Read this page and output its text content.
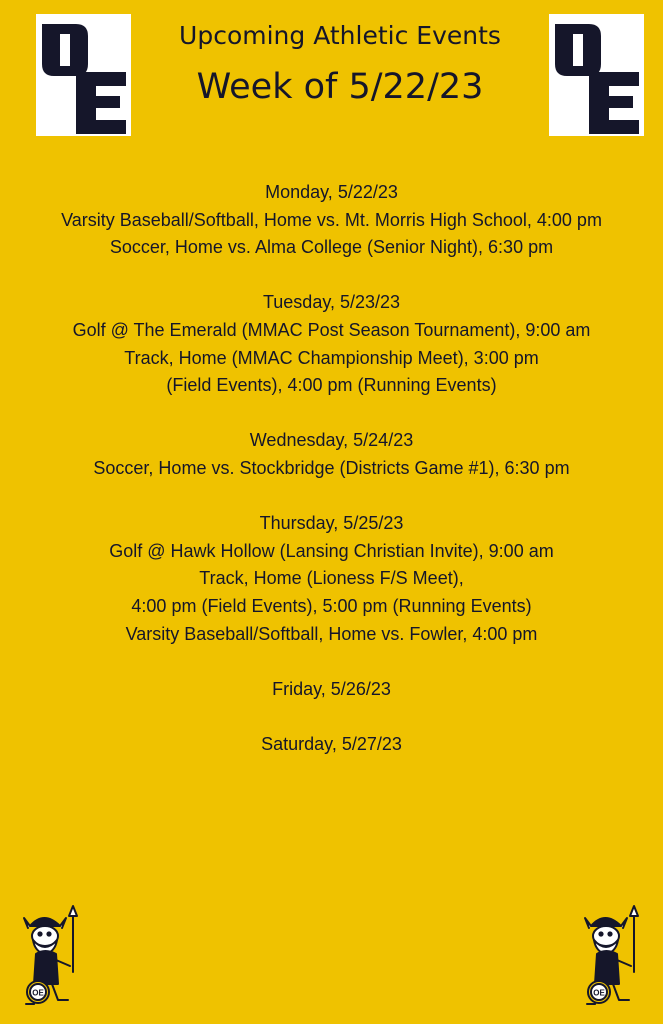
Upcoming Athletic Events
Week of 5/22/23
Monday, 5/22/23
Varsity Baseball/Softball, Home vs. Mt. Morris High School, 4:00 pm
Soccer, Home vs. Alma College (Senior Night), 6:30 pm
Tuesday, 5/23/23
Golf @ The Emerald (MMAC Post Season Tournament), 9:00 am
Track, Home (MMAC Championship Meet), 3:00 pm
(Field Events), 4:00 pm (Running Events)
Wednesday, 5/24/23
Soccer, Home vs. Stockbridge (Districts Game #1), 6:30 pm
Thursday, 5/25/23
Golf @ Hawk Hollow (Lansing Christian Invite), 9:00 am
Track, Home (Lioness F/S Meet),
4:00 pm (Field Events), 5:00 pm (Running Events)
Varsity Baseball/Softball, Home vs. Fowler, 4:00 pm
Friday, 5/26/23
Saturday, 5/27/23
OE	OE
